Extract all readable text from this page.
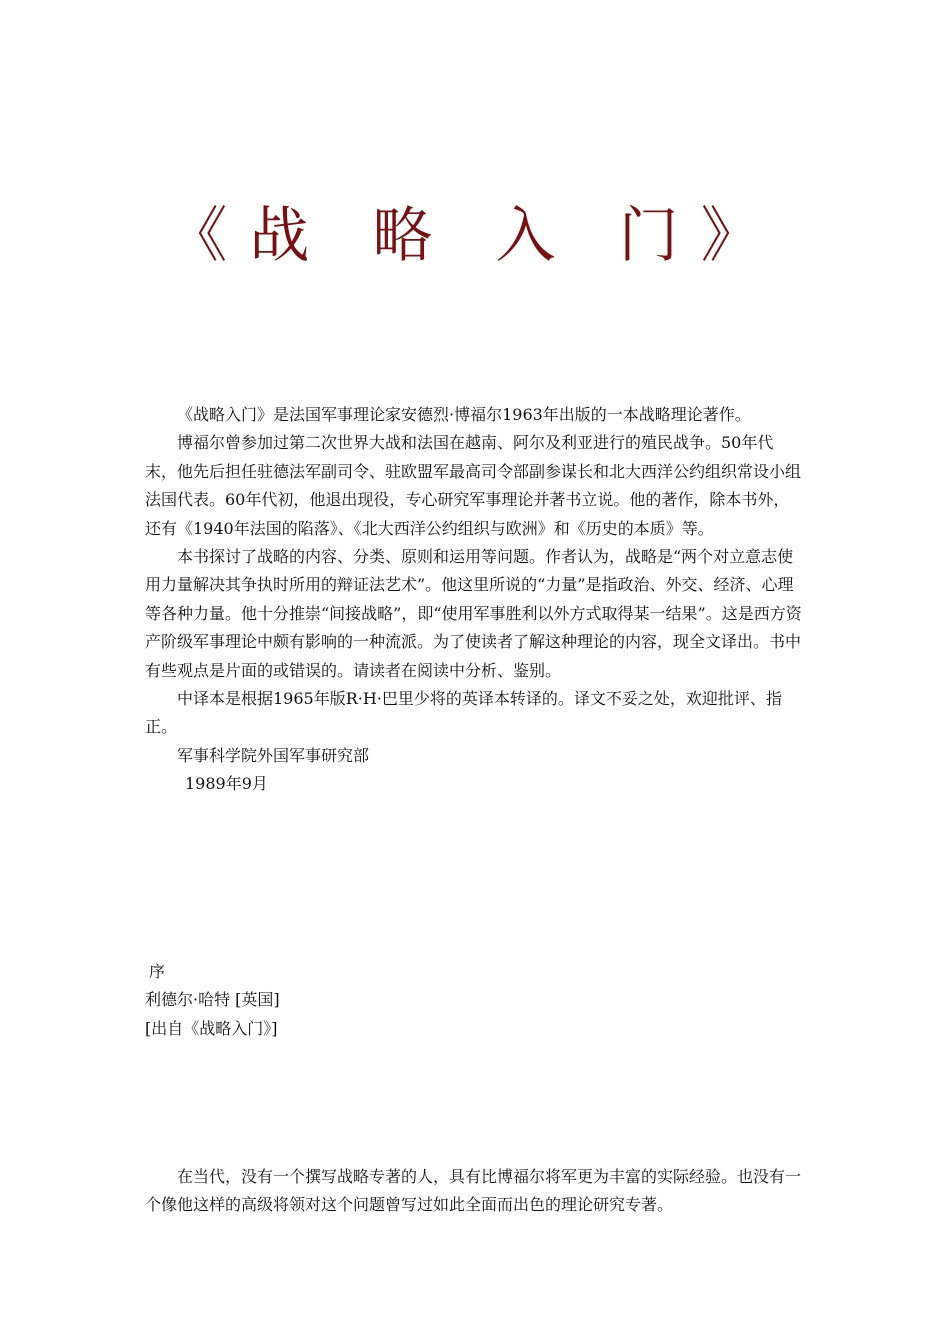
《战 略 入 门》

《战略入门》是法国军事理论家安德烈·博福尔1963年出版的一本战略理论著作。

博福尔曾参加过第二次世界大战和法国在越南、阿尔及利亚进行的殖民战争。50年代末，他先后担任驻德法军副司令、驻欧盟军最高司令部副参谋长和北大西洋公约组织常设小组法国代表。60年代初，他退出现役，专心研究军事理论并著书立说。他的著作，除本书外，还有《1940年法国的陷落》、《北大西洋公约组织与欧洲》和《历史的本质》等。

本书探讨了战略的内容、分类、原则和运用等问题。作者认为，战略是“两个对立意志使用力量解决其争执时所用的辩证法艺术”。他这里所说的“力量”是指政治、外交、经济、心理等各种力量。他十分推崇“间接战略”，即“使用军事胜利以外方式取得某一结果”。这是西方资产阶级军事理论中颇有影响的一种流派。为了使读者了解这种理论的内容，现全文译出。书中有些观点是片面的或错误的。请读者在阅读中分析、鉴别。

中译本是根据1965年版R·H·巴里少将的英译本转译的。译文不妥之处，欢迎批评、指正。

军事科学院外国军事研究部

1989年9月

序

利德尔·哈特 [英国]

[出自《战略入门》]

在当代，没有一个撰写战略专著的人，具有比博福尔将军更为丰富的实际经验。也没有一个像他这样的高级将领对这个问题曾写过如此全面而出色的理论研究专著。
